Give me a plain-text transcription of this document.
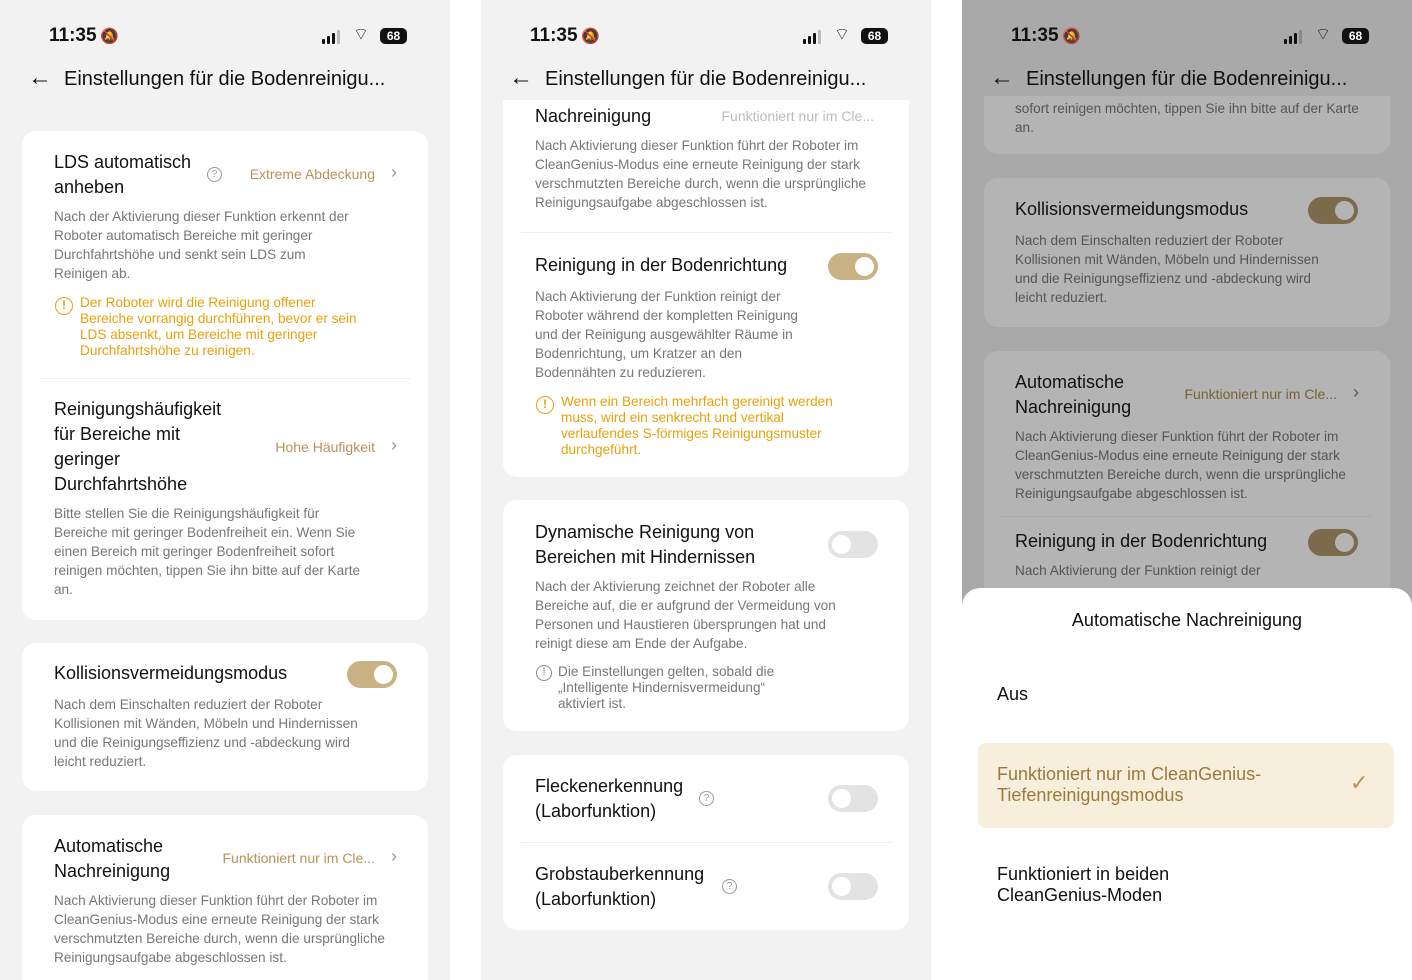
11:35 🔕	⌔	68
← Einstellungen für die Bodenreinigu...
LDS automatisch anheben
?	Extreme Abdeckung ›
Nach der Aktivierung dieser Funktion erkennt der Roboter automatisch Bereiche mit geringer Durchfahrtshöhe und senkt sein LDS zum Reinigen ab.
!	Der Roboter wird die Reinigung offener Bereiche vorrangig durchführen, bevor er sein LDS absenkt, um Bereiche mit geringer Durchfahrtshöhe zu reinigen.
Reinigungshäufigkeit für Bereiche mit geringer Durchfahrtshöhe
Hohe Häufigkeit ›
Bitte stellen Sie die Reinigungshäufigkeit für Bereiche mit geringer Bodenfreiheit ein. Wenn Sie einen Bereich mit geringer Bodenfreiheit sofort reinigen möchten, tippen Sie ihn bitte auf der Karte an.
Kollisionsvermeidungsmodus
Nach dem Einschalten reduziert der Roboter Kollisionen mit Wänden, Möbeln und Hindernissen und die Reinigungseffizienz und -abdeckung wird leicht reduziert.
Automatische Nachreinigung
Funktioniert nur im Cle... ›
Nach Aktivierung dieser Funktion führt der Roboter im CleanGenius-Modus eine erneute Reinigung der stark verschmutzten Bereiche durch, wenn die ursprüngliche Reinigungsaufgabe abgeschlossen ist.
11:35 🔕	⌔	68
← Einstellungen für die Bodenreinigu...
Nachreinigung	Funktioniert nur im Cle...
Nach Aktivierung dieser Funktion führt der Roboter im CleanGenius-Modus eine erneute Reinigung der stark verschmutzten Bereiche durch, wenn die ursprüngliche Reinigungsaufgabe abgeschlossen ist.
Reinigung in der Bodenrichtung
Nach Aktivierung der Funktion reinigt der Roboter während der kompletten Reinigung und der Reinigung ausgewählter Räume in Bodenrichtung, um Kratzer an den Bodennähten zu reduzieren.
!	Wenn ein Bereich mehrfach gereinigt werden muss, wird ein senkrecht und vertikal verlaufendes S-förmiges Reinigungsmuster durchgeführt.
Dynamische Reinigung von Bereichen mit Hindernissen
Nach der Aktivierung zeichnet der Roboter alle Bereiche auf, die er aufgrund der Vermeidung von Personen und Haustieren übersprungen hat und reinigt diese am Ende der Aufgabe.
! Die Einstellungen gelten, sobald die „Intelligente Hindernisvermeidung“ aktiviert ist.
Fleckenerkennung (Laborfunktion)
?
Grobstauberkennung (Laborfunktion)
?
11:35 🔕	⌔	68
← Einstellungen für die Bodenreinigu...
sofort reinigen möchten, tippen Sie ihn bitte auf der Karte an.
Kollisionsvermeidungsmodus
Nach dem Einschalten reduziert der Roboter Kollisionen mit Wänden, Möbeln und Hindernissen und die Reinigungseffizienz und -abdeckung wird leicht reduziert.
Automatische Nachreinigung
Funktioniert nur im Cle... ›
Nach Aktivierung dieser Funktion führt der Roboter im CleanGenius-Modus eine erneute Reinigung der stark verschmutzten Bereiche durch, wenn die ursprüngliche Reinigungsaufgabe abgeschlossen ist.
Reinigung in der Bodenrichtung
Nach Aktivierung der Funktion reinigt der
Automatische Nachreinigung
Aus
Funktioniert nur im CleanGenius-Tiefenreinigungsmodus	✓
Funktioniert in beiden CleanGenius-Moden
